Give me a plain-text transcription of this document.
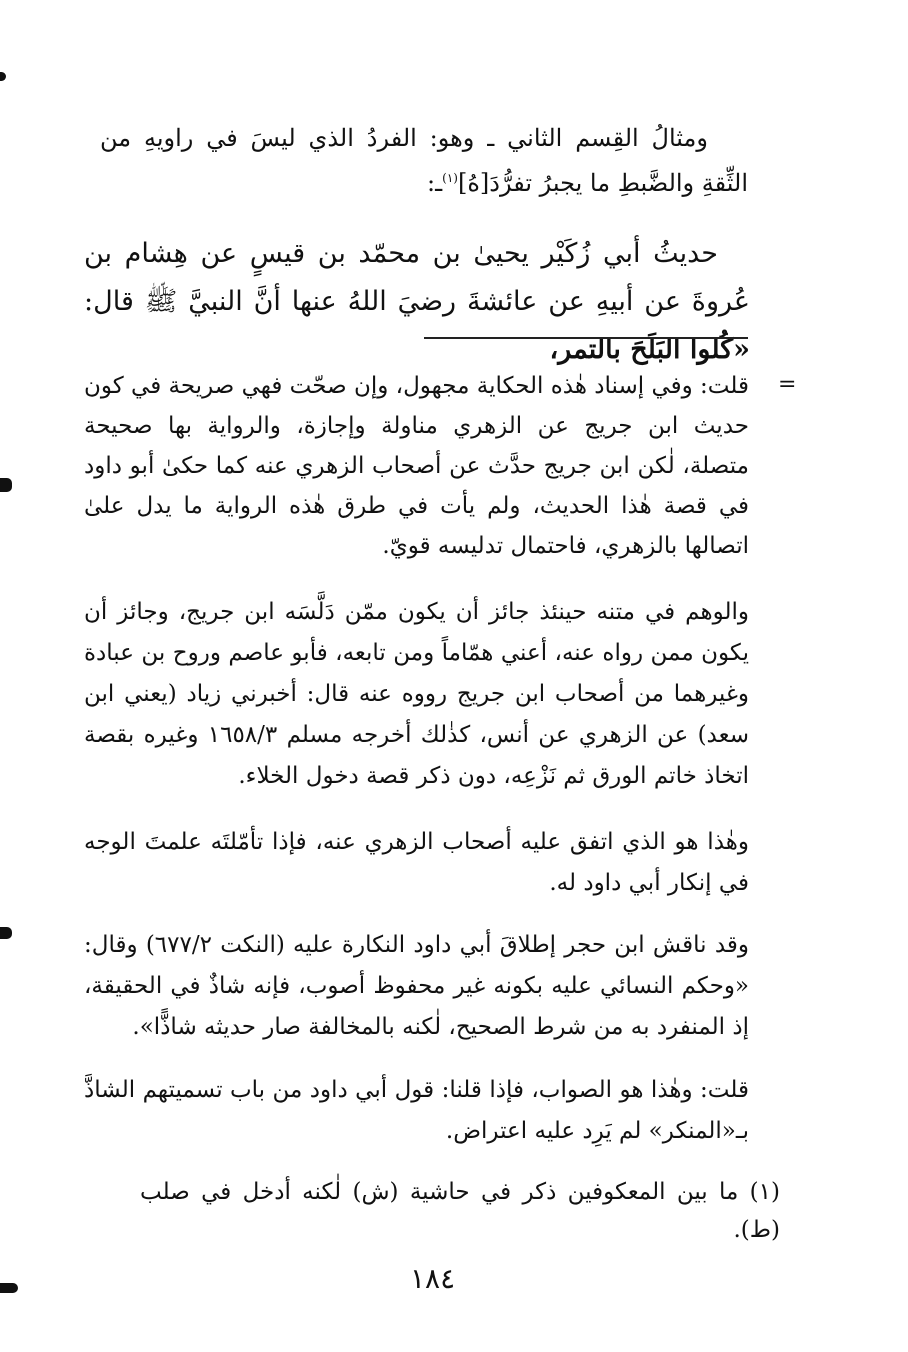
ومثالُ القِسم الثاني ـ وهو: الفردُ الذي ليسَ في راويهِ من الثِّقةِ والضَّبطِ ما يجبرُ تفرُّدَ[هُ]$^{(١)}$ـ:
حديثُ أبي زُكَيْر يحيىٰ بن محمّد بن قيسٍ عن هِشام بن عُروةَ عن أبيهِ عن عائشةَ رضيَ اللهُ عنها أنَّ النبيَّ ﷺ قال: «كُلوا البَلَحَ بالتمر،
=
قلت: وفي إسناد هٰذه الحكاية مجهول، وإن صحّت فهي صريحة في كون حديث ابن جريج عن الزهري مناولة وإجازة، والرواية بها صحيحة متصلة، لٰكن ابن جريج حدَّث عن أصحاب الزهري عنه كما حكىٰ أبو داود في قصة هٰذا الحديث، ولم يأت في طرق هٰذه الرواية ما يدل علىٰ اتصالها بالزهري، فاحتمال تدليسه قويّ.
والوهم في متنه حينئذ جائز أن يكون ممّن دَلَّسَه ابن جريج، وجائز أن يكون ممن رواه عنه، أعني همّاماً ومن تابعه، فأبو عاصم وروح بن عبادة وغيرهما من أصحاب ابن جريج رووه عنه قال: أخبرني زياد (يعني ابن سعد) عن الزهري عن أنس، كذٰلك أخرجه مسلم ١٦٥٨/٣ وغيره بقصة اتخاذ خاتم الورق ثم نَزْعِه، دون ذكر قصة دخول الخلاء.
وهٰذا هو الذي اتفق عليه أصحاب الزهري عنه، فإذا تأمّلتَه علمتَ الوجه في إنكار أبي داود له.
وقد ناقش ابن حجر إطلاقَ أبي داود النكارة عليه (النكت ٦٧٧/٢) وقال: «وحكم النسائي عليه بكونه غير محفوظ أصوب، فإنه شاذٌ في الحقيقة، إذ المنفرد به من شرط الصحيح، لٰكنه بالمخالفة صار حديثه شاذًّا».
قلت: وهٰذا هو الصواب، فإذا قلنا: قول أبي داود من باب تسميتهم الشاذَّ بـ«المنكر» لم يَرِد عليه اعتراض.
(١) ما بين المعكوفين ذكر في حاشية (ش) لٰكنه أدخل في صلب (ط).
١٨٤
